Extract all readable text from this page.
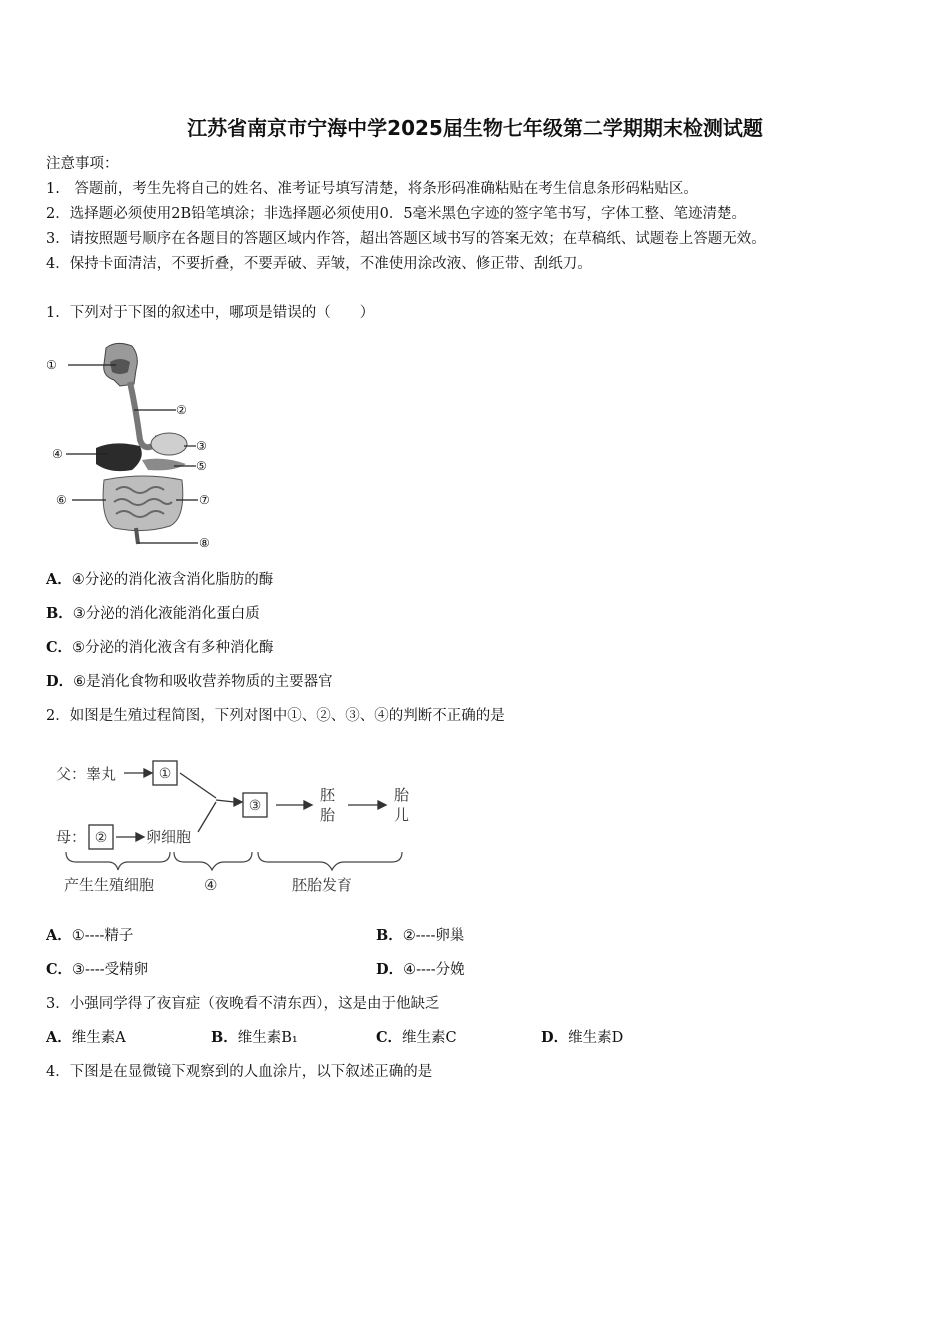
江苏省南京市宁海中学2025届生物七年级第二学期期末检测试题
注意事项：
1.　答题前，考生先将自己的姓名、准考证号填写清楚，将条形码准确粘贴在考生信息条形码粘贴区。
2．选择题必须使用2B铅笔填涂；非选择题必须使用0．5毫米黑色字迹的签字笔书写，字体工整、笔迹清楚。
3．请按照题号顺序在各题目的答题区域内作答，超出答题区域书写的答案无效；在草稿纸、试题卷上答题无效。
4．保持卡面清洁，不要折叠，不要弄破、弄皱，不准使用涂改液、修正带、刮纸刀。
1．下列对于下图的叙述中，哪项是错误的（　　）
①
②
③
④
⑤
⑥	⑦
⑧
A．④分泌的消化液含消化脂肪的酶
B．③分泌的消化液能消化蛋白质
C．⑤分泌的消化液含有多种消化酶
D．⑥是消化食物和吸收营养物质的主要器官
2．如图是生殖过程简图，下列对图中①、②、③、④的判断不正确的是
父：睾丸
母：	卵细胞
胚
胎
胎
儿
产生生殖细胞	④	胚胎发育
①
②
③
A．①----精子	B．②----卵巢
C．③----受精卵	D．④----分娩
3．小强同学得了夜盲症（夜晚看不清东西），这是由于他缺乏
A．维生素A	B．维生素B₁	C．维生素C	D．维生素D
4．下图是在显微镜下观察到的人血涂片，以下叙述正确的是
